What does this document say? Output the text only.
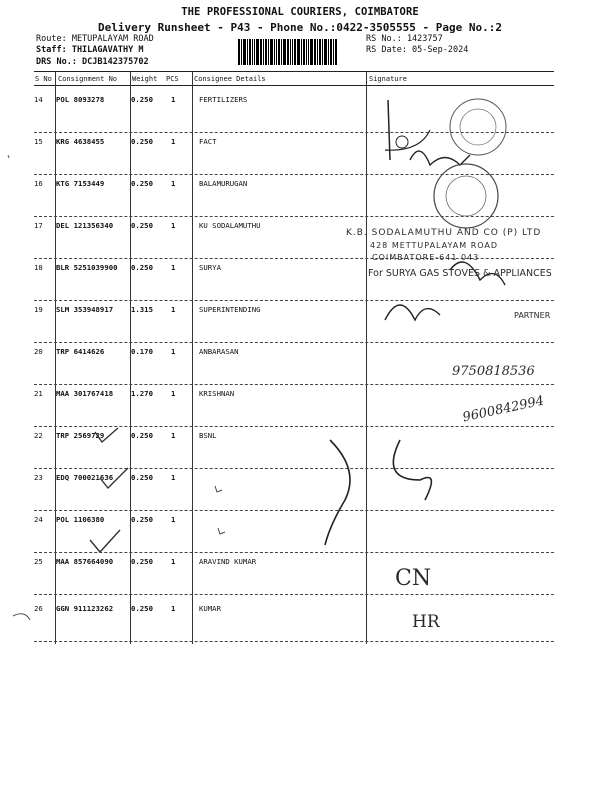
THE PROFESSIONAL COURIERS, COIMBATORE
Delivery Runsheet - P43 - Phone No.:0422-3505555 - Page No.:2
Route: METUPALAYAM ROAD
Staff: THILAGAVATHY M
DRS No.: DCJB142375702
RS No.: 1423757
RS Date: 05-Sep-2024
S No Consignment No Weight PCS Consignee Details	Signature
14 POL 8093278	0.250 1	FERTILIZERS
15 KRG 4638455	0.250 1	FACT
16 KTG 7153449	0.250 1	BALAMURUGAN
17 DEL 121356340 0.250 1	KU SODALAMUTHU
18 BLR 5251039900 0.250 1	SURYA
19 SLM 353948917 1.315 1	SUPERINTENDING
20 TRP 6414626	0.170 1	ANBARASAN
21 MAA 301767418 1.270 1	KRISHNAN
22 TRP 2569729	0.250 1	BSNL
23 EDQ 700021636 0.250 1
24 POL 1106380	0.250 1
25 MAA 857664090 0.250 1	ARAVIND KUMAR
26 GGN 911123262 0.250 1	KUMAR
K.B. SODALAMUTHU AND CO (P) LTD
428 METTUPALAYAM ROAD
COIMBATORE-641 043
For SURYA GAS STOVES & APPLIANCES
PARTNER
9750818536
9600842994
CN
HR
